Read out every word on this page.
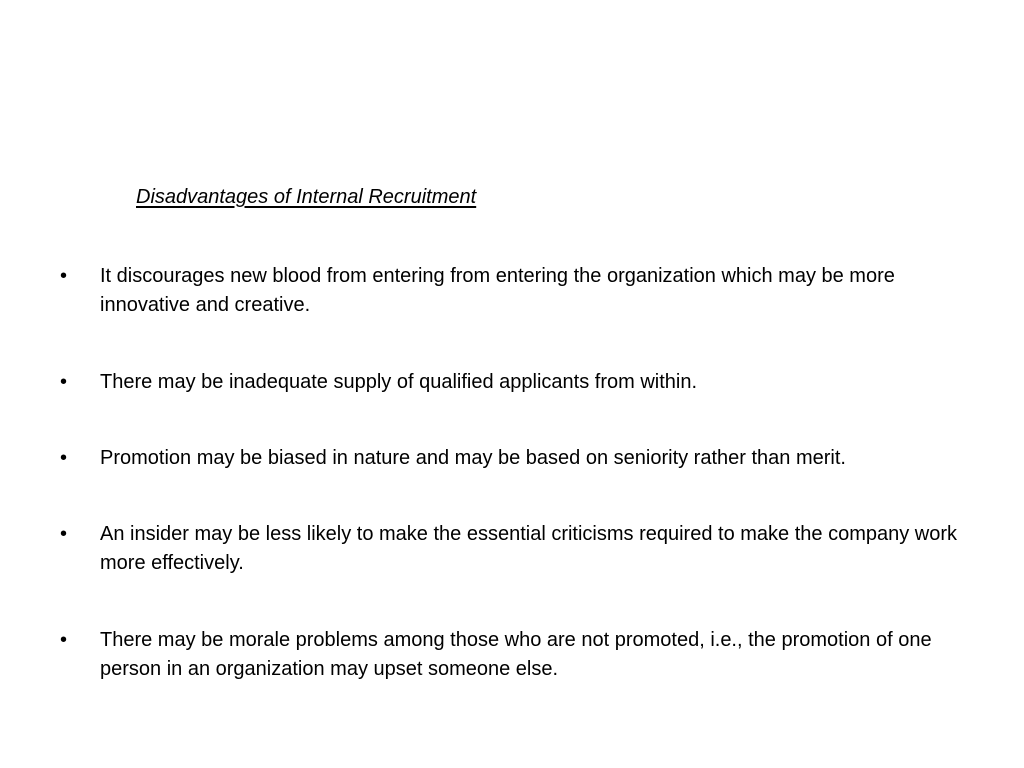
Disadvantages of Internal Recruitment
• It discourages new blood from entering from entering the organization which may be more innovative and creative.
• There may be inadequate supply of qualified applicants from within.
• Promotion may be biased in nature and may be based on seniority rather than merit.
• An insider may be less likely to make the essential criticisms required to make the company work more effectively.
• There may be morale problems among those who are not promoted, i.e., the promotion of one person in an organization may upset someone else.
